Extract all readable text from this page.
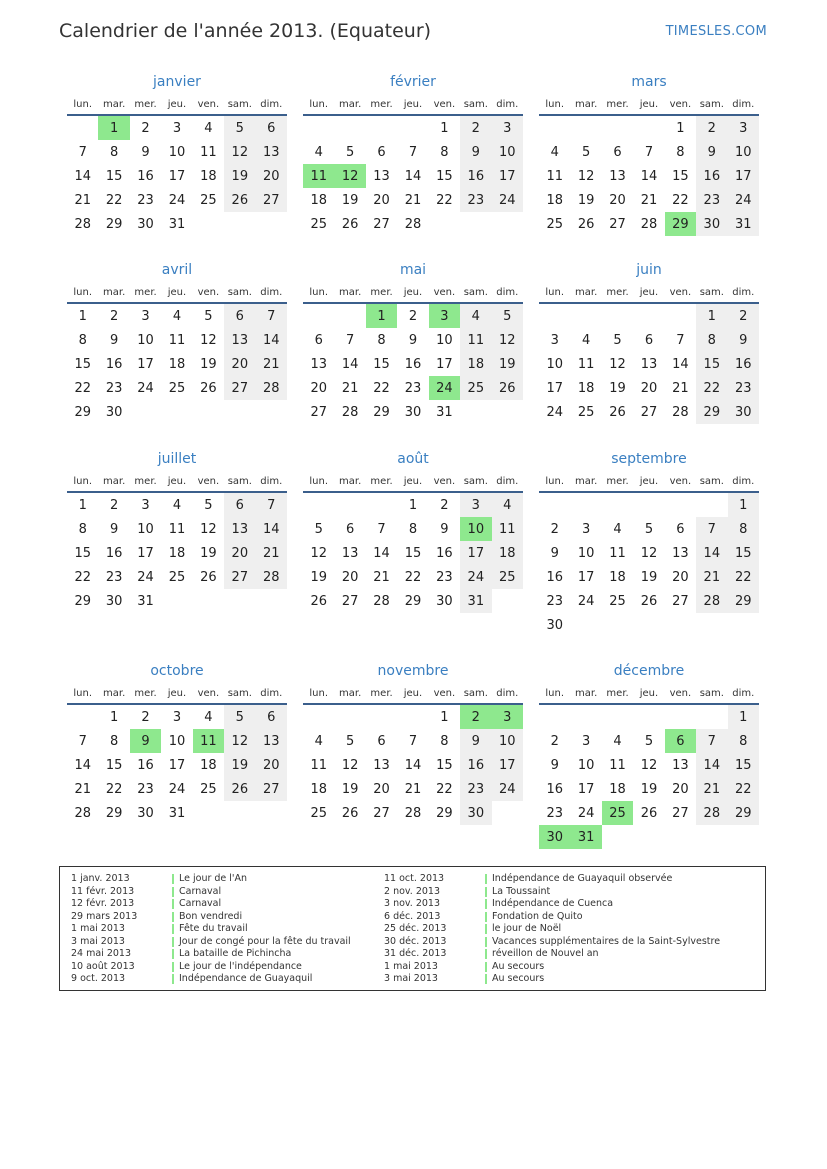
Calendrier de l'année 2013. (Equateur)	TIMESLES.COM
janvier
lun.	mar.	mer.	jeu.	ven.	sam.	dim.
	1	2	3	4	5	6
7	8	9	10	11	12	13
14	15	16	17	18	19	20
21	22	23	24	25	26	27
28	29	30	31			
février
lun.	mar.	mer.	jeu.	ven.	sam.	dim.
				1	2	3
4	5	6	7	8	9	10
11	12	13	14	15	16	17
18	19	20	21	22	23	24
25	26	27	28			
mars
lun.	mar.	mer.	jeu.	ven.	sam.	dim.
				1	2	3
4	5	6	7	8	9	10
11	12	13	14	15	16	17
18	19	20	21	22	23	24
25	26	27	28	29	30	31
avril
lun.	mar.	mer.	jeu.	ven.	sam.	dim.
1	2	3	4	5	6	7
8	9	10	11	12	13	14
15	16	17	18	19	20	21
22	23	24	25	26	27	28
29	30					
mai
lun.	mar.	mer.	jeu.	ven.	sam.	dim.
		1	2	3	4	5
6	7	8	9	10	11	12
13	14	15	16	17	18	19
20	21	22	23	24	25	26
27	28	29	30	31		
juin
lun.	mar.	mer.	jeu.	ven.	sam.	dim.
					1	2
3	4	5	6	7	8	9
10	11	12	13	14	15	16
17	18	19	20	21	22	23
24	25	26	27	28	29	30
juillet
lun.	mar.	mer.	jeu.	ven.	sam.	dim.
1	2	3	4	5	6	7
8	9	10	11	12	13	14
15	16	17	18	19	20	21
22	23	24	25	26	27	28
29	30	31				
août
lun.	mar.	mer.	jeu.	ven.	sam.	dim.
			1	2	3	4
5	6	7	8	9	10	11
12	13	14	15	16	17	18
19	20	21	22	23	24	25
26	27	28	29	30	31	
septembre
lun.	mar.	mer.	jeu.	ven.	sam.	dim.
						1
2	3	4	5	6	7	8
9	10	11	12	13	14	15
16	17	18	19	20	21	22
23	24	25	26	27	28	29
30						
octobre
lun.	mar.	mer.	jeu.	ven.	sam.	dim.
	1	2	3	4	5	6
7	8	9	10	11	12	13
14	15	16	17	18	19	20
21	22	23	24	25	26	27
28	29	30	31			
novembre
lun.	mar.	mer.	jeu.	ven.	sam.	dim.
				1	2	3
4	5	6	7	8	9	10
11	12	13	14	15	16	17
18	19	20	21	22	23	24
25	26	27	28	29	30	
décembre
lun.	mar.	mer.	jeu.	ven.	sam.	dim.
						1
2	3	4	5	6	7	8
9	10	11	12	13	14	15
16	17	18	19	20	21	22
23	24	25	26	27	28	29
30	31					
1 janv. 2013	Le jour de l'An
11 févr. 2013	Carnaval
12 févr. 2013	Carnaval
29 mars 2013	Bon vendredi
1 mai 2013	Fête du travail
3 mai 2013	Jour de congé pour la fête du travail
24 mai 2013	La bataille de Pichincha
10 août 2013	Le jour de l'indépendance
9 oct. 2013	Indépendance de Guayaquil
11 oct. 2013	Indépendance de Guayaquil observée
2 nov. 2013	La Toussaint
3 nov. 2013	Indépendance de Cuenca
6 déc. 2013	Fondation de Quito
25 déc. 2013	le jour de Noël
30 déc. 2013	Vacances supplémentaires de la Saint-Sylvestre
31 déc. 2013	réveillon de Nouvel an
1 mai 2013	Au secours
3 mai 2013	Au secours
